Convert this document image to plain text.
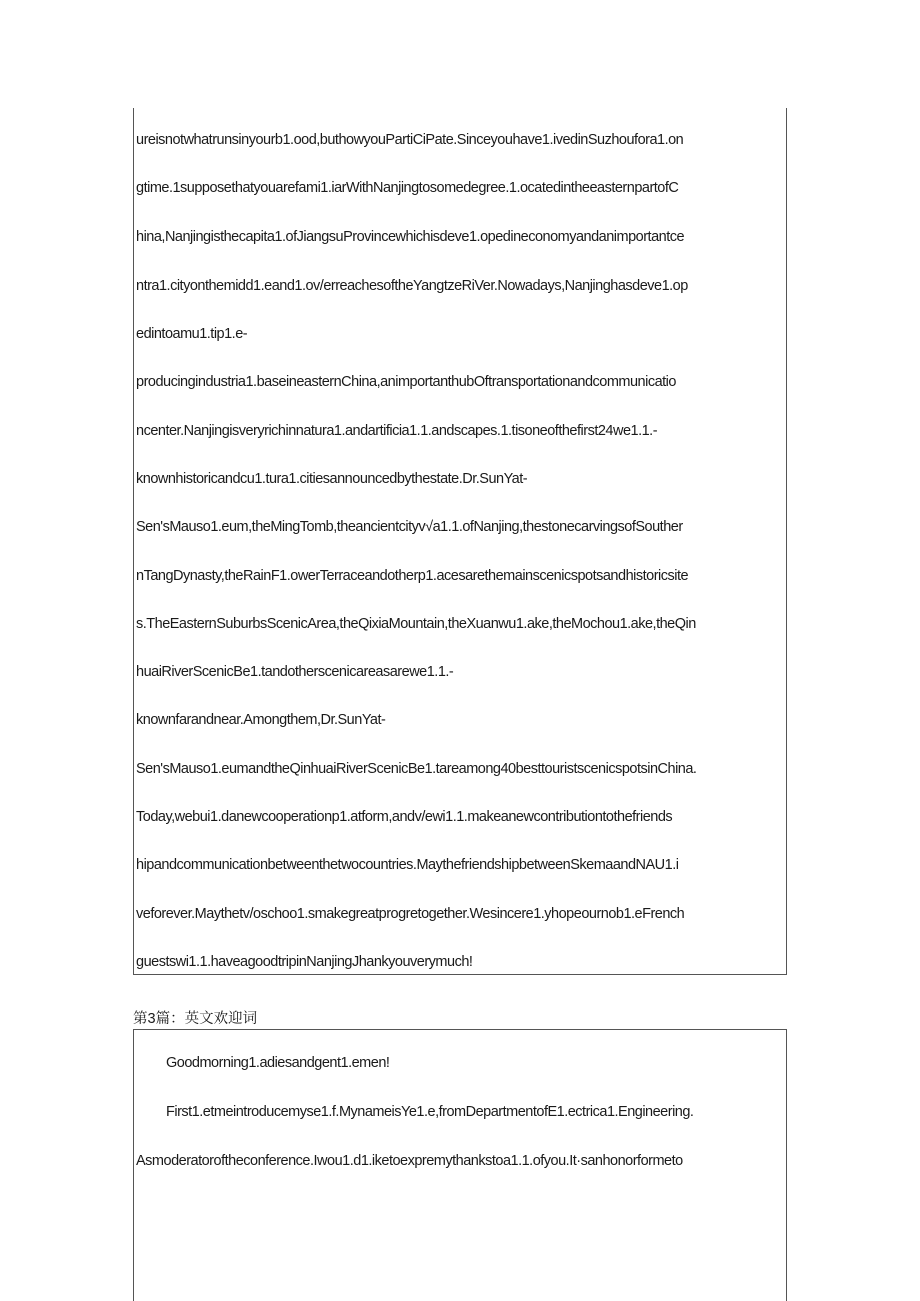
ureisnotwhatrunsinyourb1.ood,buthowyouPartiCiPate.Sinceyouhave1.ivedinSuzhoufora1.on
gtime.1supposethatyouarefami1.iarWithNanjingtosomedegree.1.ocatedintheeasternpartofC
hina,Nanjingisthecapita1.ofJiangsuProvincewhichisdeve1.opedineconomyandanimportantce
ntra1.cityonthemidd1.eand1.ov/erreachesoftheYangtzeRiVer.Nowadays,Nanjinghasdeve1.op
edintoamu1.tip1.e-
producingindustria1.baseineasternChina,animportanthubOftransportationandcommunicatio
ncenter.Nanjingisveryrichinnatura1.andartificia1.1.andscapes.1.tisoneofthefirst24we1.1.-
knownhistoricandcu1.tura1.citiesannouncedbythestate.Dr.SunYat-
Sen'sMauso1.eum,theMingTomb,theancientcityv√a1.1.ofNanjing,thestonecarvingsofSouther
nTangDynasty,theRainF1.owerTerraceandotherp1.acesarethemainscenicspotsandhistoricsite
s.TheEasternSuburbsScenicArea,theQixiaMountain,theXuanwu1.ake,theMochou1.ake,theQin
huaiRiverScenicBe1.tandotherscenicareasarewe1.1.-
knownfarandnear.Amongthem,Dr.SunYat-
Sen'sMauso1.eumandtheQinhuaiRiverScenicBe1.tareamong40besttouristscenicspotsinChina.
Today,webui1.danewcooperationp1.atform,andv/ewi1.1.makeanewcontributiontothefriends
hipandcommunicationbetweenthetwocountries.MaythefriendshipbetweenSkemaandNAU1.i
veforever.Maythetv/oschoo1.smakegreatprogretogether.Wesincere1.yhopeournob1.eFrench
guestswi1.1.haveagoodtripinNanjingJhankyouverymuch!
第3篇：英文欢迎词
Goodmorning1.adiesandgent1.emen!
First1.etmeintroducemyse1.f.MynameisYe1.e,fromDepartmentofE1.ectrica1.Engineering.
Asmoderatoroftheconference.Iwou1.d1.iketoexpremythankstoa1.1.ofyou.It·sanhonorformeto
